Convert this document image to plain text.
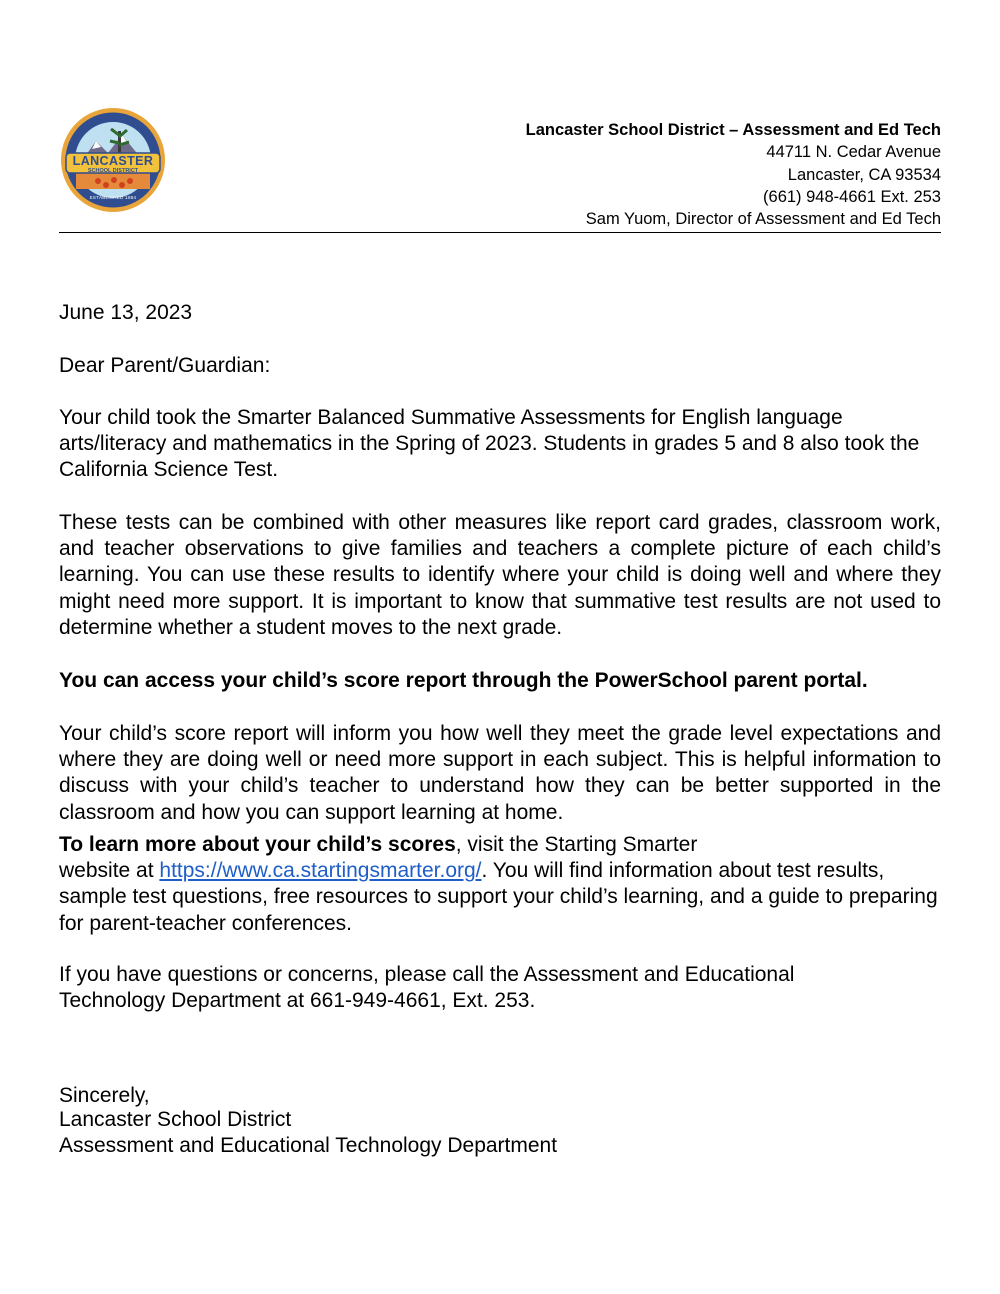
LANCASTER
SCHOOL DISTRICT
ESTABLISHED 1884
Lancaster School District – Assessment and Ed Tech
44711 N. Cedar Avenue
Lancaster, CA 93534
(661) 948-4661 Ext. 253
Sam Yuom, Director of Assessment and Ed Tech

June 13, 2023

Dear Parent/Guardian:

Your child took the Smarter Balanced Summative Assessments for English language arts/literacy and mathematics in the Spring of 2023. Students in grades 5 and 8 also took the California Science Test.

These tests can be combined with other measures like report card grades, classroom work, and teacher observations to give families and teachers a complete picture of each child’s learning. You can use these results to identify where your child is doing well and where they might need more support. It is important to know that summative test results are not used to determine whether a student moves to the next grade.

You can access your child’s score report through the PowerSchool parent portal.

Your child’s score report will inform you how well they meet the grade level expectations and where they are doing well or need more support in each subject. This is helpful information to discuss with your child’s teacher to understand how they can be better supported in the classroom and how you can support learning at home.

To learn more about your child’s scores, visit the Starting Smarter
website at https://www.ca.startingsmarter.org/. You will find information about test results, sample test questions, free resources to support your child’s learning, and a guide to preparing for parent-teacher conferences.
If you have questions or concerns, please call the Assessment and Educational
Technology Department at 661-949-4661, Ext. 253.

Sincerely,

Lancaster School District
Assessment and Educational Technology Department
